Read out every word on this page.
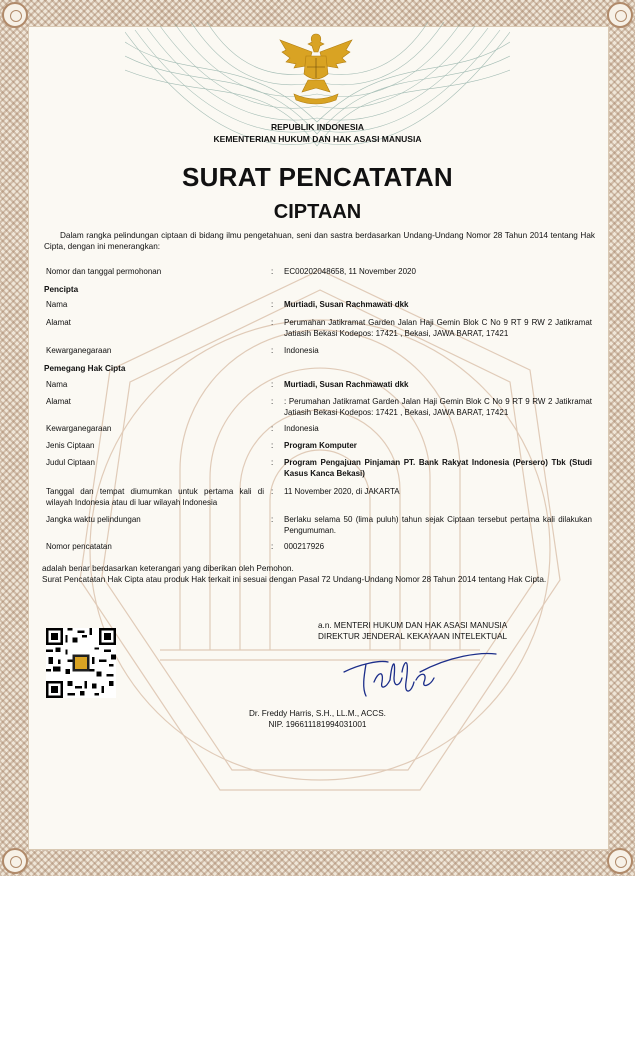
REPUBLIK INDONESIA
KEMENTERIAN HUKUM DAN HAK ASASI MANUSIA
SURAT PENCATATAN
CIPTAAN
Dalam rangka pelindungan ciptaan di bidang ilmu pengetahuan, seni dan sastra berdasarkan Undang-Undang Nomor 28 Tahun 2014 tentang Hak Cipta, dengan ini menerangkan:
Nomor dan tanggal permohonan	: EC00202048658, 11 November 2020
Pencipta
Nama	: Murtiadi, Susan Rachmawati dkk
Alamat	: Perumahan Jatikramat Garden Jalan Haji Gemin Blok C No 9 RT 9 RW 2 Jatikramat Jatiasih Bekasi Kodepos: 17421 , Bekasi, JAWA BARAT, 17421
Kewarganegaraan	: Indonesia
Pemegang Hak Cipta
Nama	: Murtiadi, Susan Rachmawati dkk
Alamat	: : Perumahan Jatikramat Garden Jalan Haji Gemin Blok C No 9 RT 9 RW 2 Jatikramat Jatiasih Bekasi Kodepos: 17421 , Bekasi, JAWA BARAT, 17421
Kewarganegaraan	: Indonesia
Jenis Ciptaan	: Program Komputer
Judul Ciptaan	: Program Pengajuan Pinjaman PT. Bank Rakyat Indonesia (Persero) Tbk (Studi Kasus Kanca Bekasi)
Tanggal dan tempat diumumkan untuk pertama kali di wilayah Indonesia atau di luar wilayah Indonesia
: 11 November 2020, di JAKARTA
Jangka waktu pelindungan	: Berlaku selama 50 (lima puluh) tahun sejak Ciptaan tersebut pertama kali dilakukan Pengumuman.
Nomor pencatatan	: 000217926
adalah benar berdasarkan keterangan yang diberikan oleh Pemohon.
Surat Pencatatan Hak Cipta atau produk Hak terkait ini sesuai dengan Pasal 72 Undang-Undang Nomor 28 Tahun 2014 tentang Hak Cipta.
a.n. MENTERI HUKUM DAN HAK ASASI MANUSIA
DIREKTUR JENDERAL KEKAYAAN INTELEKTUAL
Dr. Freddy Harris, S.H., LL.M., ACCS.
NIP. 196611181994031001
